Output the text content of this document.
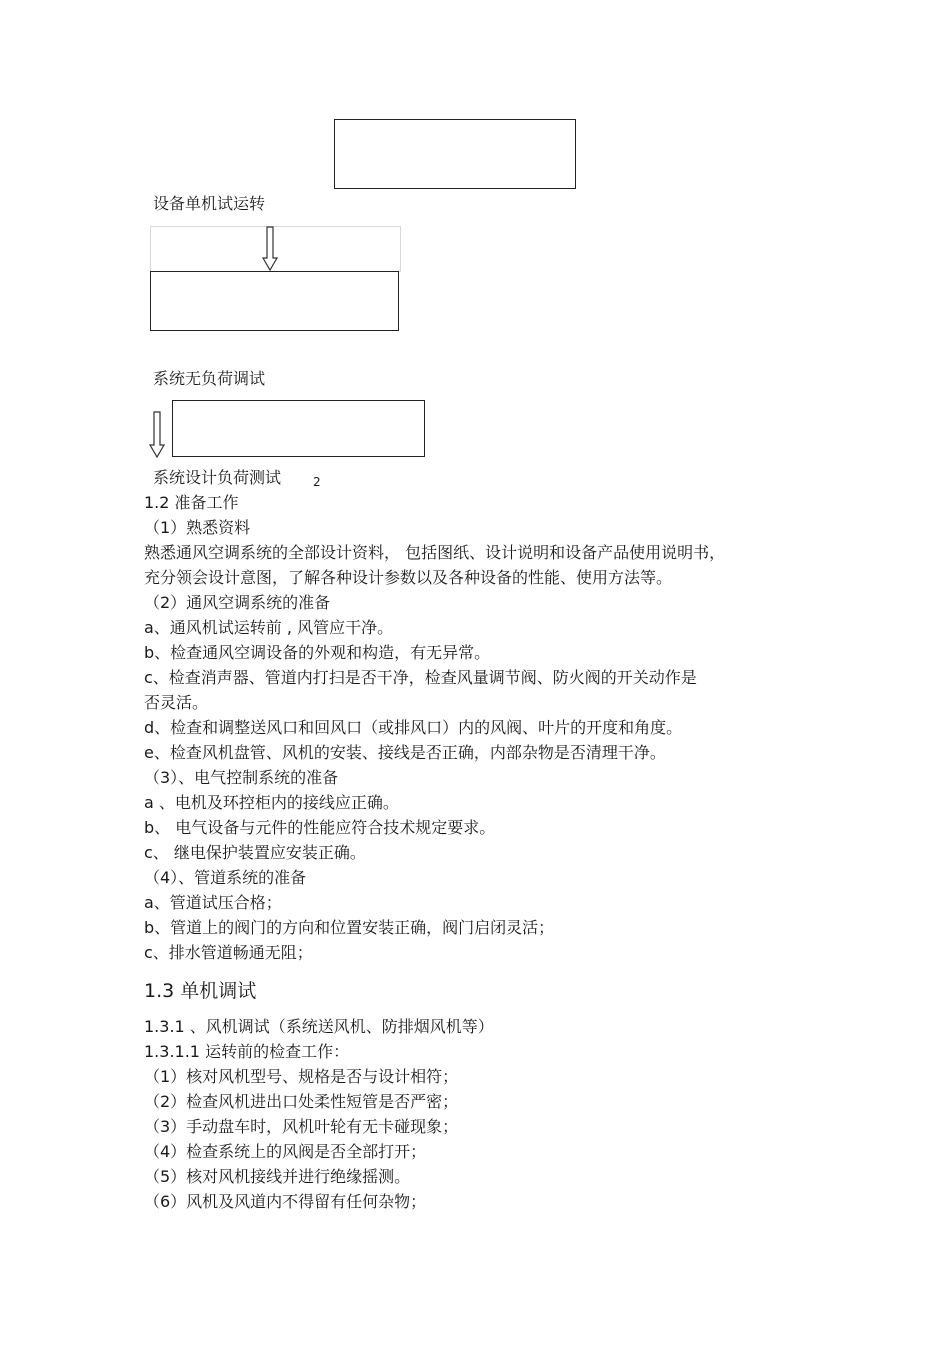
设备单机试运转
系统无负荷调试
系统设计负荷测试	2
1.2 准备工作
（1）熟悉资料
熟悉通风空调系统的全部设计资料， 包括图纸、设计说明和设备产品使用说明书，
充分领会设计意图，了解各种设计参数以及各种设备的性能、使用方法等。
（2）通风空调系统的准备
a、通风机试运转前 , 风管应干净。
b、检查通风空调设备的外观和构造，有无异常。
c、检查消声器、管道内打扫是否干净，检查风量调节阀、防火阀的开关动作是
否灵活。
d、检查和调整送风口和回风口（或排风口）内的风阀、叶片的开度和角度。
e、检查风机盘管、风机的安装、接线是否正确，内部杂物是否清理干净。
（3）、电气控制系统的准备
a 、电机及环控柜内的接线应正确。
b、 电气设备与元件的性能应符合技术规定要求。
c、 继电保护装置应安装正确。
（4）、管道系统的准备
a、管道试压合格；
b、管道上的阀门的方向和位置安装正确，阀门启闭灵活；
c、排水管道畅通无阻；
1.3 单机调试
1.3.1 、风机调试（系统送风机、防排烟风机等）
1.3.1.1 运转前的检查工作：
（1）核对风机型号、规格是否与设计相符；
（2）检查风机进出口处柔性短管是否严密；
（3）手动盘车时，风机叶轮有无卡碰现象；
（4）检查系统上的风阀是否全部打开；
（5）核对风机接线并进行绝缘摇测。
（6）风机及风道内不得留有任何杂物；
